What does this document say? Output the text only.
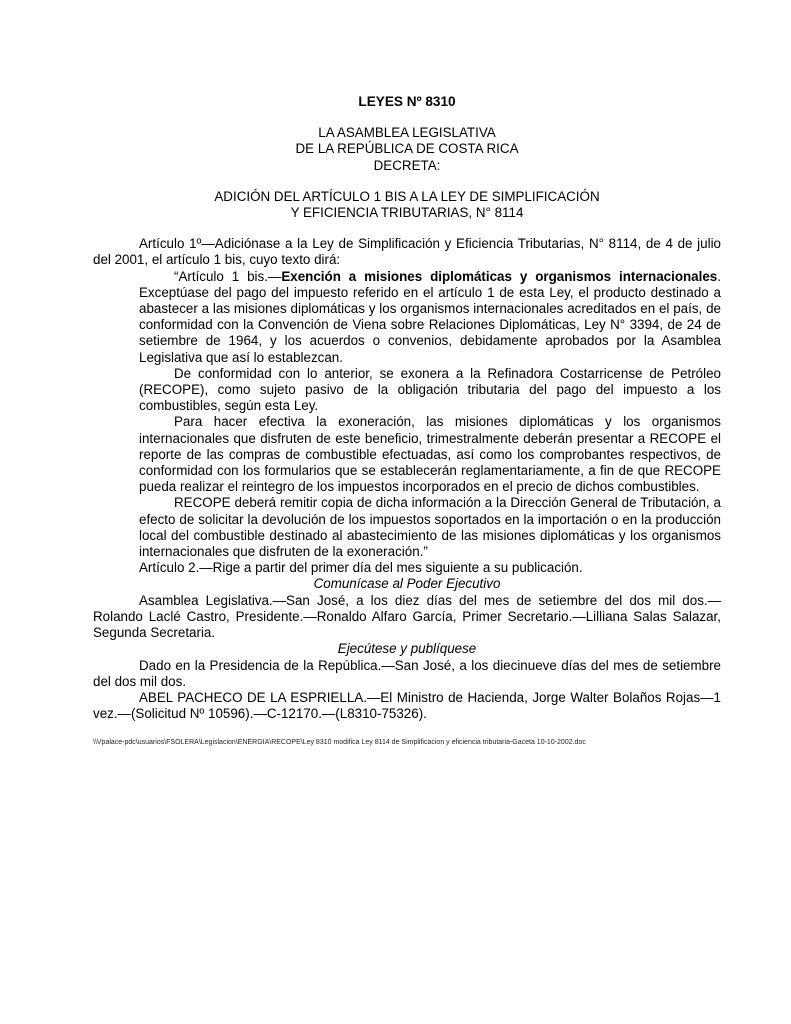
LEYES Nº 8310

LA ASAMBLEA LEGISLATIVA
DE LA REPÚBLICA DE COSTA RICA
DECRETA:
ADICIÓN DEL ARTÍCULO 1 BIS A LA LEY DE SIMPLIFICACIÓN
Y EFICIENCIA TRIBUTARIAS, N° 8114

Artículo 1º—Adiciónase a la Ley de Simplificación y Eficiencia Tributarias, N° 8114, de 4 de julio del 2001, el artículo 1 bis, cuyo texto dirá:

“Artículo 1 bis.—Exención a misiones diplomáticas y organismos internacionales. Exceptúase del pago del impuesto referido en el artículo 1 de esta Ley, el producto destinado a abastecer a las misiones diplomáticas y los organismos internacionales acreditados en el país, de conformidad con la Convención de Viena sobre Relaciones Diplomáticas, Ley N° 3394, de 24 de setiembre de 1964, y los acuerdos o convenios, debidamente aprobados por la Asamblea Legislativa que así lo establezcan.

De conformidad con lo anterior, se exonera a la Refinadora Costarricense de Petróleo (RECOPE), como sujeto pasivo de la obligación tributaria del pago del impuesto a los combustibles, según esta Ley.

Para hacer efectiva la exoneración, las misiones diplomáticas y los organismos internacionales que disfruten de este beneficio, trimestralmente deberán presentar a RECOPE el reporte de las compras de combustible efectuadas, así como los comprobantes respectivos, de conformidad con los formularios que se establecerán reglamentariamente, a fin de que RECOPE pueda realizar el reintegro de los impuestos incorporados en el precio de dichos combustibles.

RECOPE deberá remitir copia de dicha información a la Dirección General de Tributación, a efecto de solicitar la devolución de los impuestos soportados en la importación o en la producción local del combustible destinado al abastecimiento de las misiones diplomáticas y los organismos internacionales que disfruten de la exoneración.”

Artículo 2.—Rige a partir del primer día del mes siguiente a su publicación.

Comunícase al Poder Ejecutivo

Asamblea Legislativa.—San José, a los diez días del mes de setiembre del dos mil dos.— Rolando Laclé Castro, Presidente.—Ronaldo Alfaro García, Primer Secretario.—Lilliana Salas Salazar, Segunda Secretaria.

Ejecútese y publíquese

Dado en la Presidencia de la República.—San José, a los diecinueve días del mes de setiembre del dos mil dos.

ABEL PACHECO DE LA ESPRIELLA.—El Ministro de Hacienda, Jorge Walter Bolaños Rojas—1 vez.—(Solicitud Nº 10596).—C-12170.—(L8310-75326).

\\Vpalace-pdc\usuarios\FSOLERA\Legislacion\ENERGIA\RECOPE\Ley 8310 modifica Ley 8114 de Simplificacion y eficiencia tributaria-Gaceta 10-10-2002.doc
